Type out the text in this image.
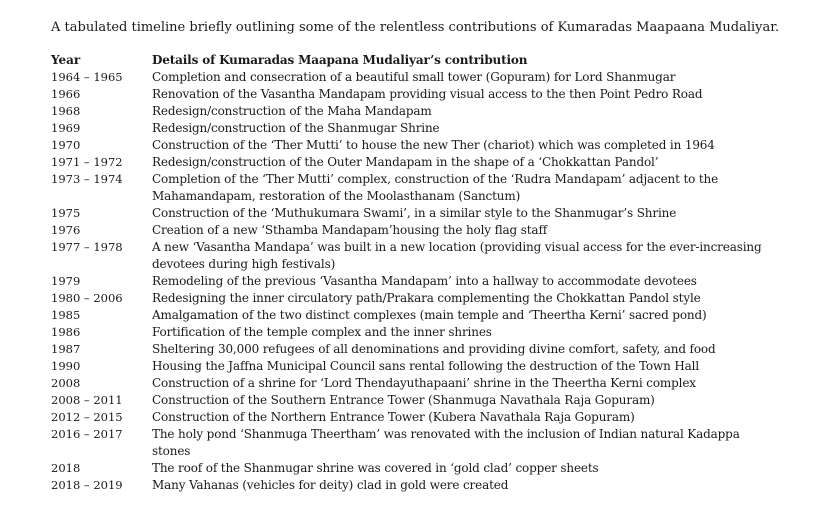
A tabulated timeline briefly outlining some of the relentless contributions of Kumaradas Maapaana Mudaliyar.
Year	Details of Kumaradas Maapana Mudaliyar’s contribution
1964 – 1965	Completion and consecration of a beautiful small tower (Gopuram) for Lord Shanmugar
1966	Renovation of the Vasantha Mandapam providing visual access to the then Point Pedro Road
1968	Redesign/construction of the Maha Mandapam
1969	Redesign/construction of the Shanmugar Shrine
1970	Construction of the ‘Ther Mutti’ to house the new Ther (chariot) which was completed in 1964
1971 – 1972	Redesign/construction of the Outer Mandapam in the shape of a ‘Chokkattan Pandol’
1973 – 1974	Completion of the ‘Ther Mutti’ complex, construction of the ‘Rudra Mandapam’ adjacent to the Mahamandapam, restoration of the Moolasthanam (Sanctum)
1975	Construction of the ‘Muthukumara Swami’, in a similar style to the Shanmugar’s Shrine
1976	Creation of a new ‘Sthamba Mandapam’housing the holy flag staff
1977 – 1978	A new ‘Vasantha Mandapa’ was built in a new location (providing visual access for the ever-increasing devotees during high festivals)
1979	Remodeling of the previous ‘Vasantha Mandapam’ into a hallway to accommodate devotees
1980 – 2006	Redesigning the inner circulatory path/Prakara complementing the Chokkattan Pandol style
1985	Amalgamation of the two distinct complexes (main temple and ‘Theertha Kerni’ sacred pond)
1986	Fortification of the temple complex and the inner shrines
1987	Sheltering 30,000 refugees of all denominations and providing divine comfort, safety, and food
1990	Housing the Jaffna Municipal Council sans rental following the destruction of the Town Hall
2008	Construction of a shrine for ‘Lord Thendayuthapaani’ shrine in the Theertha Kerni complex
2008 – 2011	Construction of the Southern Entrance Tower (Shanmuga Navathala Raja Gopuram)
2012 – 2015	Construction of the Northern Entrance Tower (Kubera Navathala Raja Gopuram)
2016 – 2017	The holy pond ‘Shanmuga Theertham’ was renovated with the inclusion of Indian natural Kadappa stones
2018	The roof of the Shanmugar shrine was covered in ‘gold clad’ copper sheets
2018 – 2019	Many Vahanas (vehicles for deity) clad in gold were created
